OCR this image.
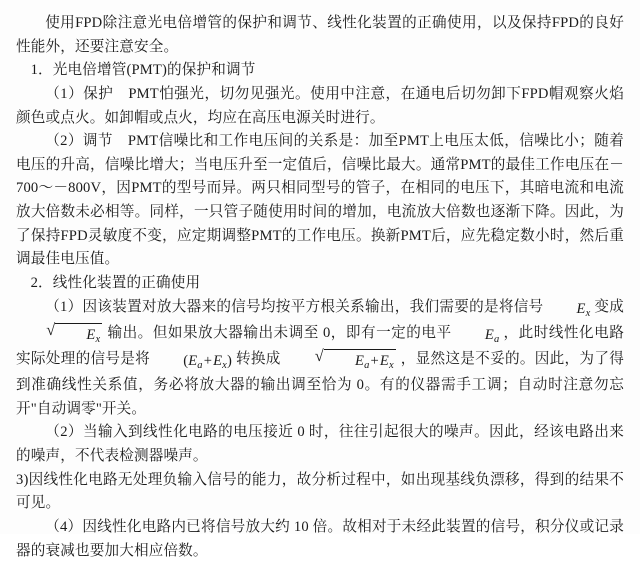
使用FPD除注意光电倍增管的保护和调节、线性化装置的正确使用，以及保持FPD的良好性能外，还要注意安全。

1．光电倍增管(PMT)的保护和调节

（1）保护　PMT怕强光，切勿见强光。使用中注意，在通电后切勿卸下FPD帽观察火焰颜色或点火。如卸帽或点火，均应在高压电源关时进行。

（2）调节　PMT信噪比和工作电压间的关系是：加至PMT上电压太低，信噪比小；随着电压的升高，信噪比增大；当电压升至一定值后，信噪比最大。通常PMT的最佳工作电压在－700～－800V，因PMT的型号而异。两只相同型号的管子，在相同的电压下，其暗电流和电流放大倍数未必相等。同样，一只管子随使用时间的增加，电流放大倍数也逐渐下降。因此，为了保持FPD灵敏度不变，应定期调整PMT的工作电压。换新PMT后，应先稳定数小时，然后重调最佳电压值。

2．线性化装置的正确使用

（1）因该装置对放大器来的信号均按平方根关系输出，我们需要的是将信号 $E_x$ 变成
√ $E_x$ 输出。但如果放大器输出未调至 0，即有一定的电平 $E_a$ ，此时线性化电路实际处理的信号是将 $(E_a+E_x)$ 转换成	√ $E_a+E_x$ ，显然这是不妥的。因此，为了得到准确线性关系值，务必将放大器的输出调至恰为 0。有的仪器需手工调；自动时注意勿忘开"自动调零"开关。

（2）当输入到线性化电路的电压接近 0 时，往往引起很大的噪声。因此，经该电路出来的噪声，不代表检测器噪声。

3)因线性化电路无处理负输入信号的能力，故分析过程中，如出现基线负漂移，得到的结果不可见。

（4）因线性化电路内已将信号放大约 10 倍。故相对于未经此装置的信号，积分仪或记录器的衰减也要加大相应倍数。
